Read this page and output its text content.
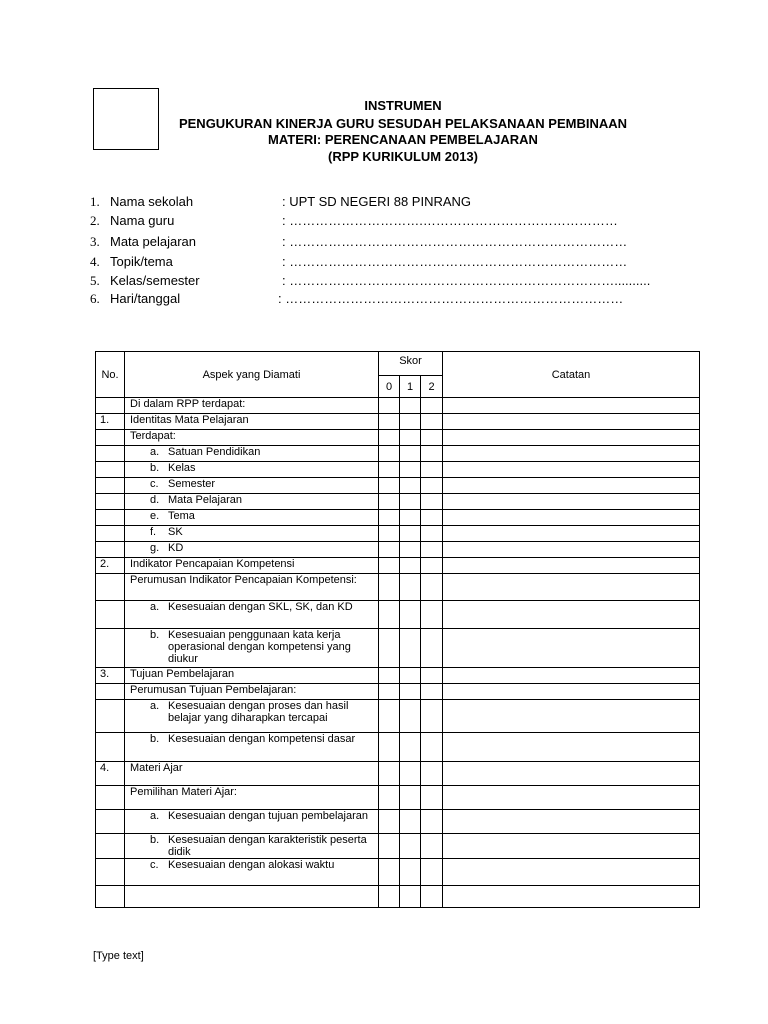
INSTRUMEN
PENGUKURAN KINERJA GURU SESUDAH PELAKSANAAN PEMBINAAN
MATERI: PERENCANAAN PEMBELAJARAN
(RPP KURIKULUM 2013)
1. Nama sekolah	: UPT SD NEGERI 88 PINRANG
2. Nama guru	: ………………………….………………………………………
3. Mata pelajaran	: ……………………………………………………………………
4. Topik/tema	: ……………………………………………………………………
5. Kelas/semester	: …………………………………………………………………..........
6. Hari/tanggal	: ……………………………………………………………………
No.	Aspek yang Diamati	Skor			Catatan
		0	1	2	
	Di dalam RPP terdapat:				
1.	Identitas Mata Pelajaran				
	Terdapat:				

	a. Satuan Pendidikan				

	b. Kelas				

	c. Semester				

	d. Mata Pelajaran				

	e. Tema				

	f. SK				

	g. KD				

2.	Indikator Pencapaian Kompetensi				
	Perumusan Indikator Pencapaian Kompetensi:				

	a. Kesesuaian dengan SKL, SK, dan KD				

	b. Kesesuaian penggunaan kata kerja operasional dengan kompetensi yang diukur				

3.	Tujuan Pembelajaran				
	Perumusan Tujuan Pembelajaran:				

	a. Kesesuaian dengan proses dan hasil belajar yang diharapkan tercapai				

	b. Kesesuaian dengan kompetensi dasar				

4.	Materi Ajar				
	Pemilihan Materi Ajar:				

	a. Kesesuaian dengan tujuan pembelajaran				

	b. Kesesuaian dengan karakteristik peserta didik				

	c. Kesesuaian dengan alokasi waktu				

[Type text]
